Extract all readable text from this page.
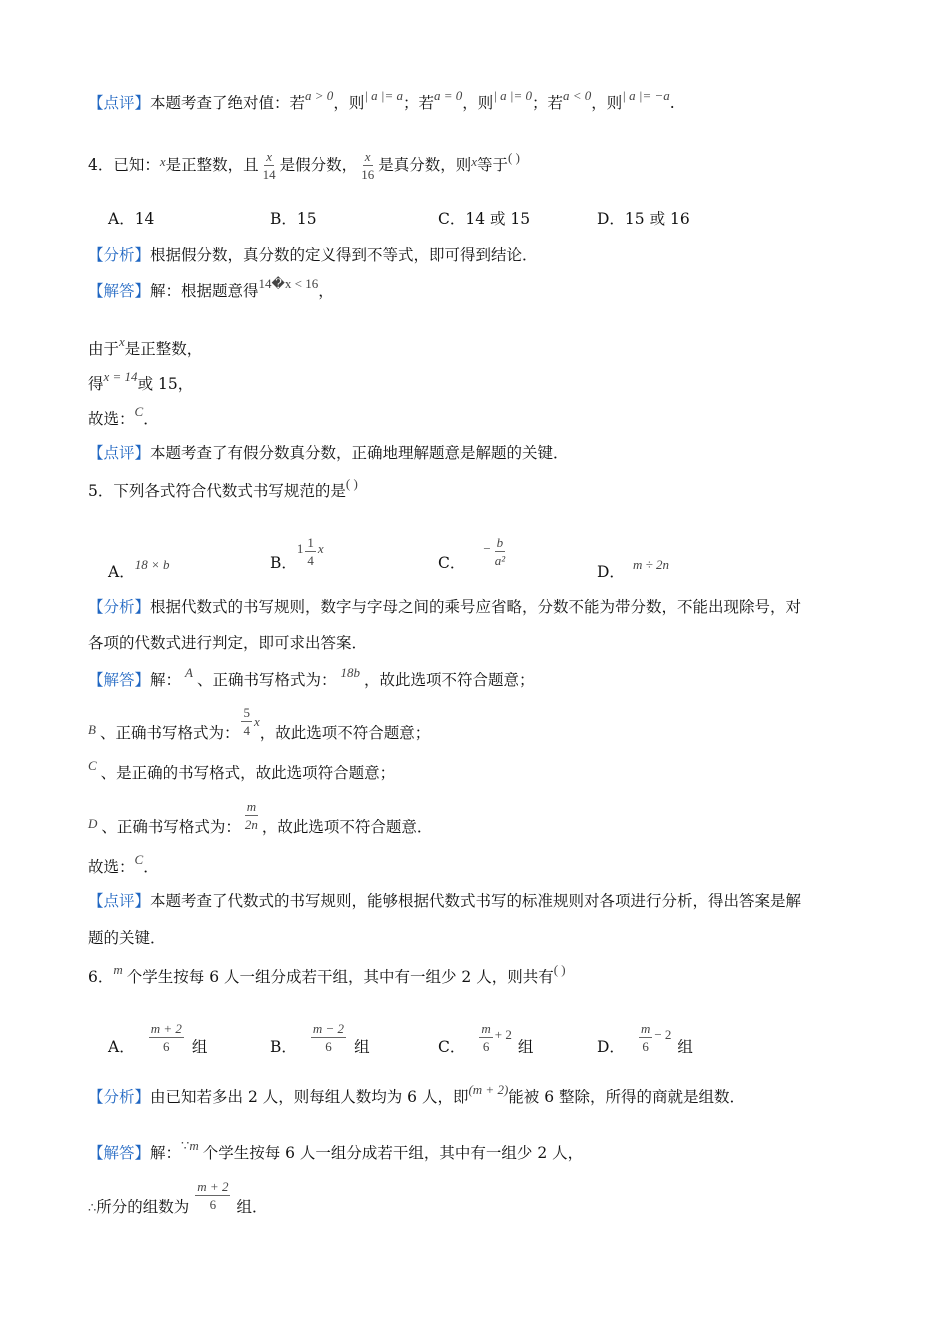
【点评】 本题考查了绝对值：若 a > 0 ，则 | a |= a ；若 a = 0 ，则 | a |= 0 ；若 a < 0 ，则 | a |= −a .
4．已知： x 是正整数，且 $\frac{x}{14}$ 是假分数， $\frac{x}{16}$ 是真分数，则 x 等于 ( )
A．14	B．15	C．14 或 15	D．15 或 16
【分析】 根据假分数，真分数的定义得到不等式，即可得到结论．
【解答】 解：根据题意得 14�x < 16 ，
由于 x 是正整数，
得 x = 14 或 15，
故选： C ．
【点评】 本题考查了有假分数真分数，正确地理解题意是解题的关键．
5．下列各式符合代数式书写规范的是 ( )
A． 18 × b	B．
$1 \frac{1}{4}$ x
C．
− $\frac{b}{\text{a²}}$
D． m ÷ 2n
【分析】 根据代数式的书写规则，数字与字母之间的乘号应省略，分数不能为带分数，不能出现除号，对
各项的代数式进行判定，即可求出答案．
【解答】 解： A 、正确书写格式为： 18b ，故此选项不符合题意；
B 、正确书写格式为： $\frac{5}{4}$ x
，故此选项不符合题意；
C 、是正确的书写格式，故此选项符合题意；
D 、正确书写格式为： $\frac{m}{2n}$ ，故此选项不符合题意．
故选： C ．
【点评】 本题考查了代数式的书写规则，能够根据代数式书写的标准规则对各项进行分析，得出答案是解
题的关键．
6． m 个学生按每 6 人一组分成若干组，其中有一组少 2 人，则共有 ( )
A． $\frac{m + 2}{6}$ 组	B． $\frac{m - 2}{6}$ 组	C． $\frac{m}{6} + 2$
组	D． $\frac{m}{6} - 2$
组
【分析】 由已知若多出 2 人，则每组人数均为 6 人，即 (m + 2) 能被 6 整除，所得的商就是组数．
【解答】 解： ∵ m 个学生按每 6 人一组分成若干组，其中有一组少 2 人，
∴ 所分的组数为 $\frac{m + 2}{6}$ 组．
